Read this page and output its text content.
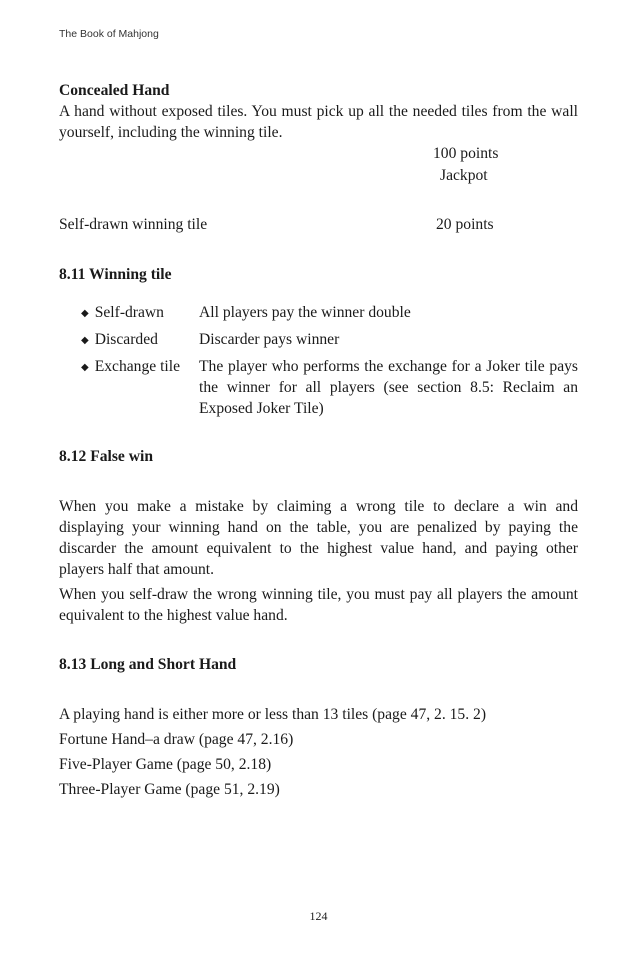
The Book of Mahjong
Concealed Hand

A hand without exposed tiles. You must pick up all the needed tiles from the wall yourself, including the winning tile.

100 points
Jackpot
Self-drawn winning tile	20 points
8.11 Winning tile
◆ Self-drawn	All players pay the winner double
◆ Discarded	Discarder pays winner
◆ Exchange tile	The player who performs the exchange for a Joker tile pays the winner for all players (see section 8.5: Reclaim an Exposed Joker Tile)
8.12 False win

When you make a mistake by claiming a wrong tile to declare a win and displaying your winning hand on the table, you are penalized by paying the discarder the amount equivalent to the highest value hand, and paying other players half that amount.

When you self-draw the wrong winning tile, you must pay all players the amount equivalent to the highest value hand.

8.13 Long and Short Hand

A playing hand is either more or less than 13 tiles (page 47, 2. 15. 2)

Fortune Hand–a draw (page 47, 2.16)

Five-Player Game (page 50, 2.18)

Three-Player Game (page 51, 2.19)

124
